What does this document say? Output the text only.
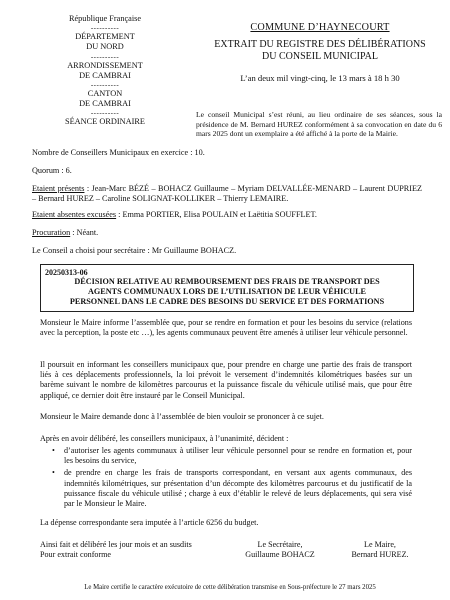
République Française
----------
DÉPARTEMENT
DU NORD
----------
ARRONDISSEMENT
DE CAMBRAI
----------
CANTON
DE CAMBRAI
----------
SÉANCE ORDINAIRE
COMMUNE D’HAYNECOURT
EXTRAIT DU REGISTRE DES DÉLIBÉRATIONS
DU CONSEIL MUNICIPAL
L’an deux mil vingt-cinq, le 13 mars à 18 h 30
Le conseil Municipal s’est réuni, au lieu ordinaire de ses séances, sous la présidence de M. Bernard HUREZ conformément à sa convocation en date du 6 mars 2025 dont un exemplaire a été affiché à la porte de la Mairie.
Nombre de Conseillers Municipaux en exercice : 10.
Quorum : 6.
Etaient présents : Jean-Marc BÉZÉ – BOHACZ Guillaume – Myriam DELVALLÉE-MENARD – Laurent DUPRIEZ – Bernard HUREZ – Caroline SOLIGNAT-KOLLIKER – Thierry LEMAIRE.
Etaient absentes excusées : Emma PORTIER, Elisa POULAIN et Laëtitia SOUFFLET.
Procuration : Néant.
Le Conseil a choisi pour secrétaire : Mr Guillaume BOHACZ.
20250313-06
DÉCISION RELATIVE AU REMBOURSEMENT DES FRAIS DE TRANSPORT DES
AGENTS COMMUNAUX LORS DE L’UTILISATION DE LEUR VÉHICULE
PERSONNEL DANS LE CADRE DES BESOINS DU SERVICE ET DES FORMATIONS
Monsieur le Maire informe l’assemblée que, pour se rendre en formation et pour les besoins du service (relations avec la perception, la poste etc …), les agents communaux peuvent être amenés à utiliser leur véhicule personnel.
Il poursuit en informant les conseillers municipaux que, pour prendre en charge une partie des frais de transport liés à ces déplacements professionnels, la loi prévoit le versement d’indemnités kilométriques basées sur un barème suivant le nombre de kilomètres parcourus et la puissance fiscale du véhicule utilisé mais, que pour être appliqué, ce dernier doit être instauré par le Conseil Municipal.
Monsieur le Maire demande donc à l’assemblée de bien vouloir se prononcer à ce sujet.
Après en avoir délibéré, les conseillers municipaux, à l’unanimité, décident :
•	d’autoriser les agents communaux à utiliser leur véhicule personnel pour se rendre en formation et, pour les besoins du service,
•	de prendre en charge les frais de transports correspondant, en versant aux agents communaux, des indemnités kilométriques, sur présentation d’un décompte des kilomètres parcourus et du justificatif de la puissance fiscale du véhicule utilisé ; charge à eux d’établir le relevé de leurs déplacements, qui sera visé par le Monsieur le Maire.
La dépense correspondante sera imputée à l’article 6256 du budget.
Ainsi fait et délibéré les jour mois et an susdits
Pour extrait conforme
Le Secrétaire,
Guillaume BOHACZ
Le Maire,
Bernard HUREZ.
Le Maire certifie le caractère exécutoire de cette délibération transmise en Sous-préfecture le 27 mars 2025
